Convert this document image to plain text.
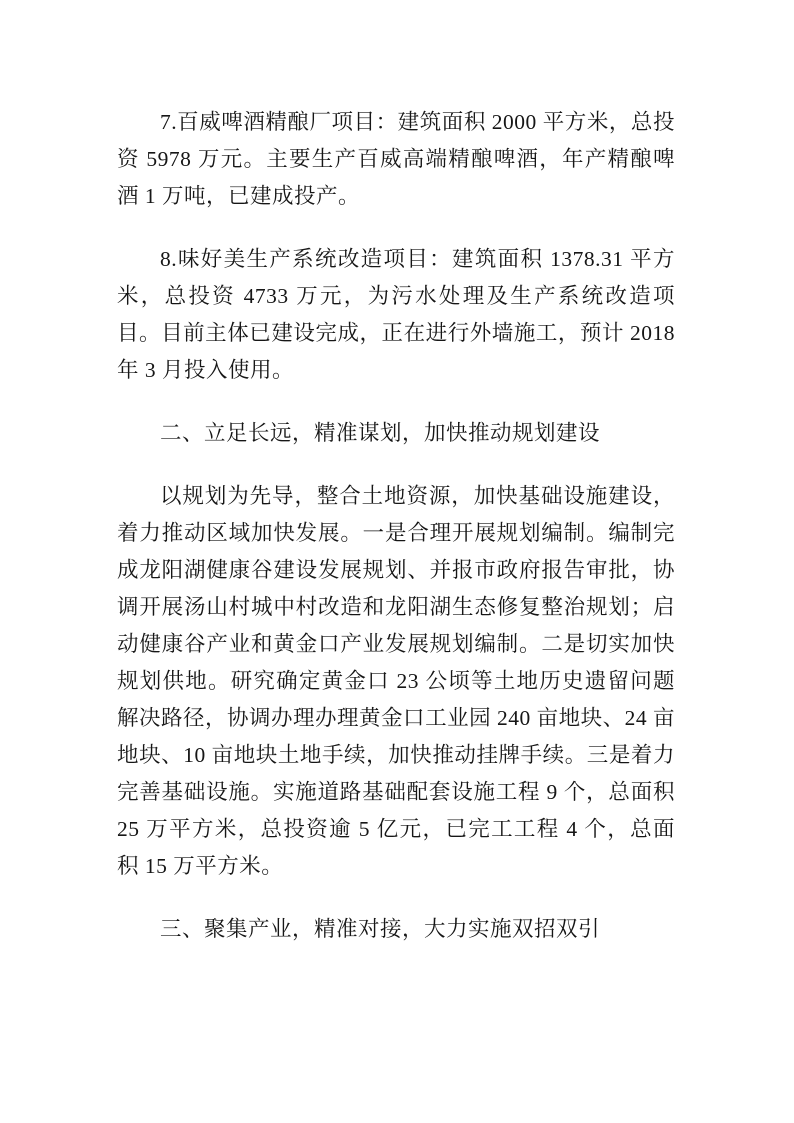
7.百威啤酒精酿厂项目：建筑面积 2000 平方米，总投资 5978 万元。主要生产百威高端精酿啤酒，年产精酿啤酒 1 万吨，已建成投产。

8.味好美生产系统改造项目：建筑面积 1378.31 平方米，总投资 4733 万元，为污水处理及生产系统改造项目。目前主体已建设完成，正在进行外墙施工，预计 2018 年 3 月投入使用。

二、立足长远，精准谋划，加快推动规划建设

以规划为先导，整合土地资源，加快基础设施建设，着力推动区域加快发展。一是合理开展规划编制。编制完成龙阳湖健康谷建设发展规划、并报市政府报告审批，协调开展汤山村城中村改造和龙阳湖生态修复整治规划；启动健康谷产业和黄金口产业发展规划编制。二是切实加快规划供地。研究确定黄金口 23 公顷等土地历史遗留问题解决路径，协调办理办理黄金口工业园 240 亩地块、24 亩地块、10 亩地块土地手续，加快推动挂牌手续。三是着力完善基础设施。实施道路基础配套设施工程 9 个，总面积 25 万平方米，总投资逾 5 亿元，已完工工程 4 个，总面积 15 万平方米。

三、聚集产业，精准对接，大力实施双招双引
